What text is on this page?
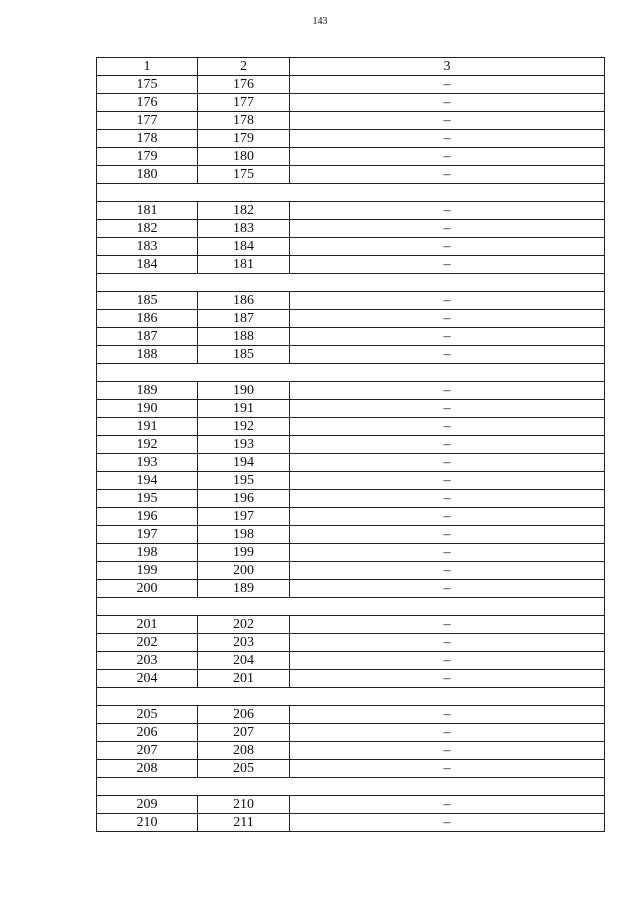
143
1	2	3
175	176	–
176	177	–
177	178	–
178	179	–
179	180	–
180	175	–

181	182	–
182	183	–
183	184	–
184	181	–

185	186	–
186	187	–
187	188	–
188	185	–

189	190	–
190	191	–
191	192	–
192	193	–
193	194	–
194	195	–
195	196	–
196	197	–
197	198	–
198	199	–
199	200	–
200	189	–

201	202	–
202	203	–
203	204	–
204	201	–

205	206	–
206	207	–
207	208	–
208	205	–

209	210	–
210	211	–
